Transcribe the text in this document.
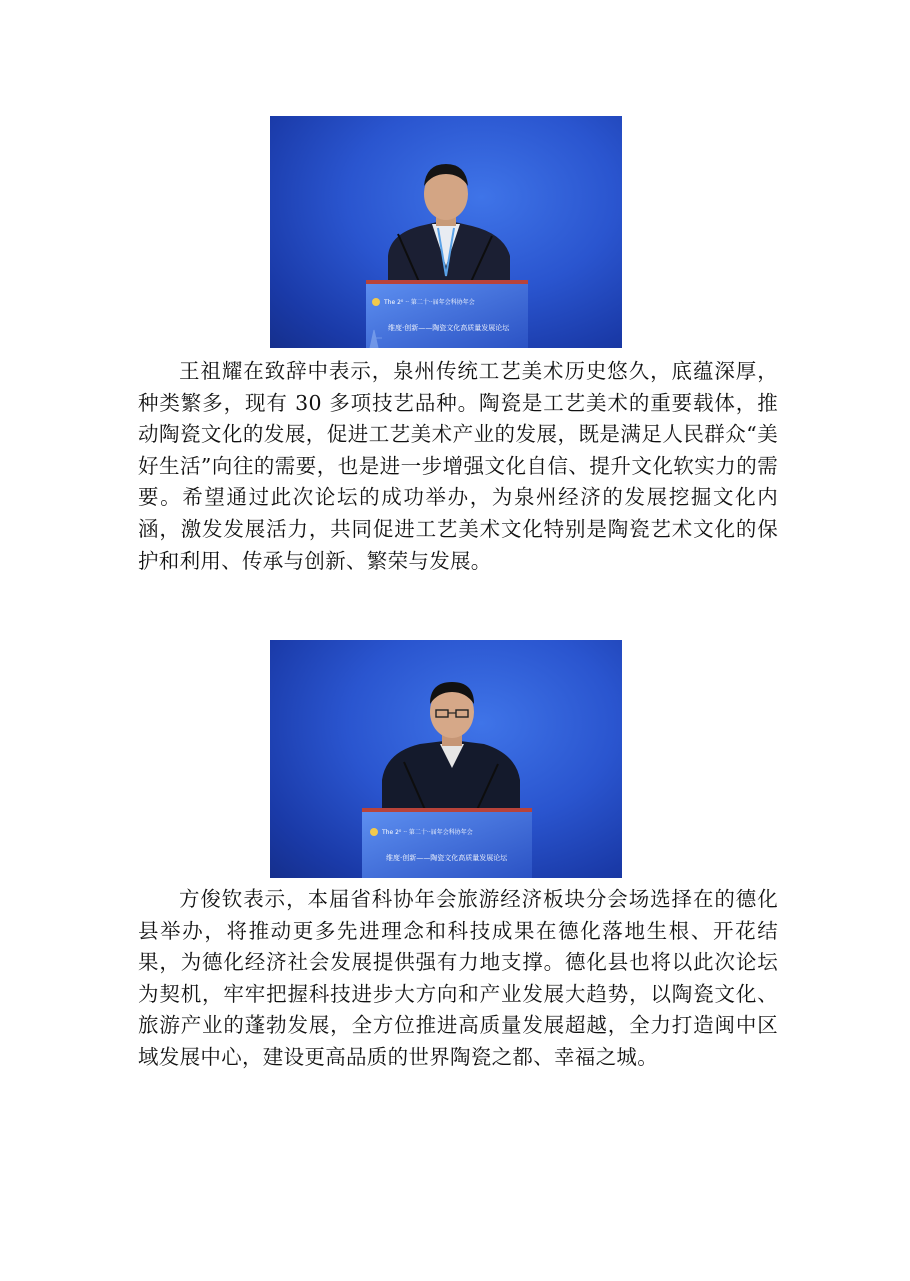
The 2⁰ ·· 第二十··届年会科协年会
维度·创新——陶瓷文化高质量发展论坛

王祖耀在致辞中表示，泉州传统工艺美术历史悠久，底蕴深厚，种类繁多，现有 30 多项技艺品种。陶瓷是工艺美术的重要载体，推动陶瓷文化的发展，促进工艺美术产业的发展，既是满足人民群众“美好生活”向往的需要，也是进一步增强文化自信、提升文化软实力的需要。希望通过此次论坛的成功举办，为泉州经济的发展挖掘文化内涵，激发发展活力，共同促进工艺美术文化特别是陶瓷艺术文化的保护和利用、传承与创新、繁荣与发展。

The 2⁰ ·· 第二十··届年会科协年会
维度·创新——陶瓷文化高质量发展论坛

方俊钦表示，本届省科协年会旅游经济板块分会场选择在的德化县举办，将推动更多先进理念和科技成果在德化落地生根、开花结果，为德化经济社会发展提供强有力地支撑。德化县也将以此次论坛为契机，牢牢把握科技进步大方向和产业发展大趋势，以陶瓷文化、旅游产业的蓬勃发展，全方位推进高质量发展超越，全力打造闽中区域发展中心，建设更高品质的世界陶瓷之都、幸福之城。
